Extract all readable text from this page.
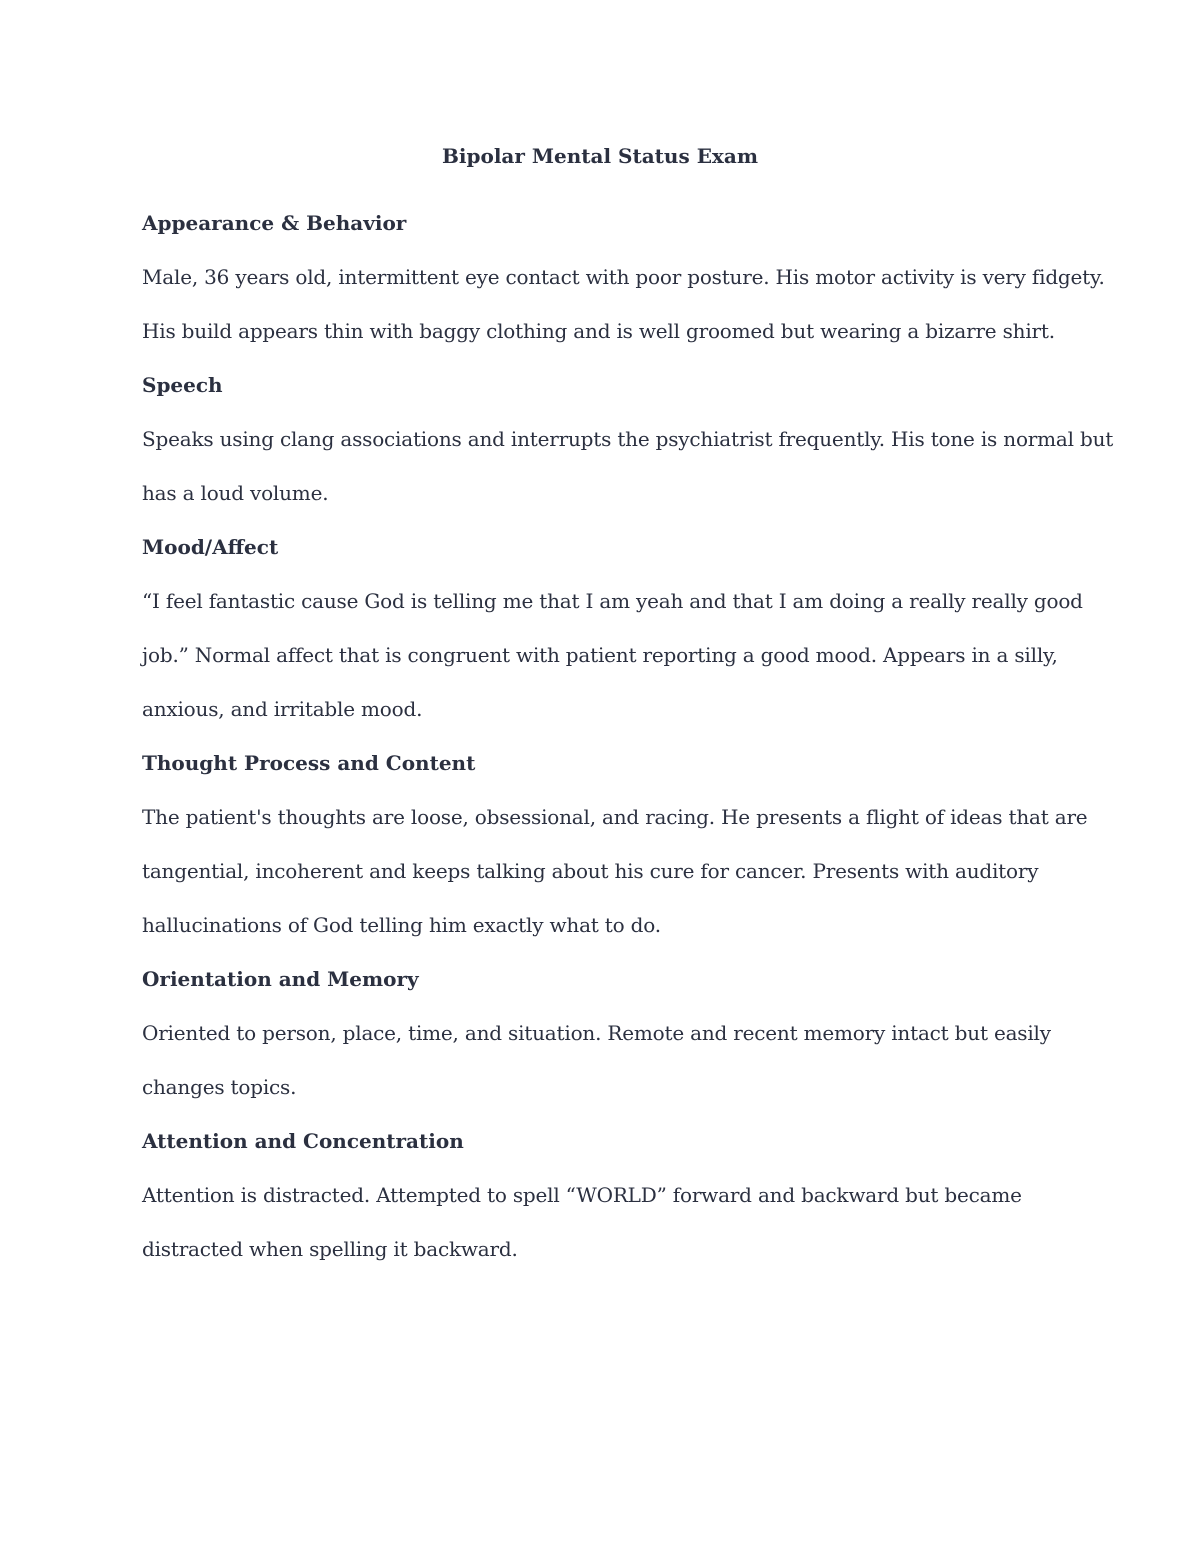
Bipolar Mental Status Exam
Appearance & Behavior

Male, 36 years old, intermittent eye contact with poor posture. His motor activity is very fidgety.

His build appears thin with baggy clothing and is well groomed but wearing a bizarre shirt.

Speech

Speaks using clang associations and interrupts the psychiatrist frequently. His tone is normal but

has a loud volume.

Mood/Affect

“I feel fantastic cause God is telling me that I am yeah and that I am doing a really really good

job.” Normal affect that is congruent with patient reporting a good mood. Appears in a silly,

anxious, and irritable mood.

Thought Process and Content

The patient's thoughts are loose, obsessional, and racing. He presents a flight of ideas that are

tangential, incoherent and keeps talking about his cure for cancer. Presents with auditory

hallucinations of God telling him exactly what to do.

Orientation and Memory

Oriented to person, place, time, and situation. Remote and recent memory intact but easily

changes topics.

Attention and Concentration

Attention is distracted. Attempted to spell “WORLD” forward and backward but became

distracted when spelling it backward.
